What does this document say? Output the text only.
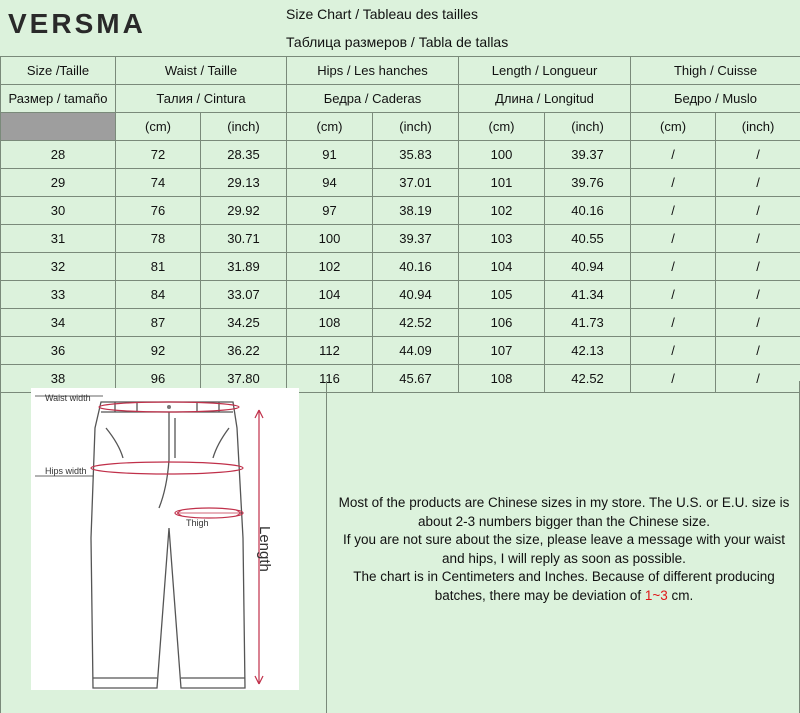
VERSMA	Size Chart / Tableau des tailles
Таблица размеров / Tabla de tallas
Size /Taille	Waist / Taille		Hips / Les hanches		Length / Longueur		Thigh / Cuisse	
Размер / tamaño	Талия / Cintura		Бедра / Caderas		Длина / Longitud		Бедро / Muslo	
	(cm)	(inch)	(cm)	(inch)	(cm)	(inch)	(cm)	(inch)
28	72	28.35	91	35.83	100	39.37	/	/
29	74	29.13	94	37.01	101	39.76	/	/
30	76	29.92	97	38.19	102	40.16	/	/
31	78	30.71	100	39.37	103	40.55	/	/
32	81	31.89	102	40.16	104	40.94	/	/
33	84	33.07	104	40.94	105	41.34	/	/
34	87	34.25	108	42.52	106	41.73	/	/
36	92	36.22	112	44.09	107	42.13	/	/
38	96	37.80	116	45.67	108	42.52	/	/
Waist width
Hips width
Thigh
Length
Most of the products are Chinese sizes in my store. The U.S. or E.U. size is
about 2-3 numbers bigger than the Chinese size.
If you are not sure about the size, please leave a message with your waist
and hips, I will reply as soon as possible.
The chart is in Centimeters and Inches. Because of different producing
batches, there may be deviation of 1~3 cm.
